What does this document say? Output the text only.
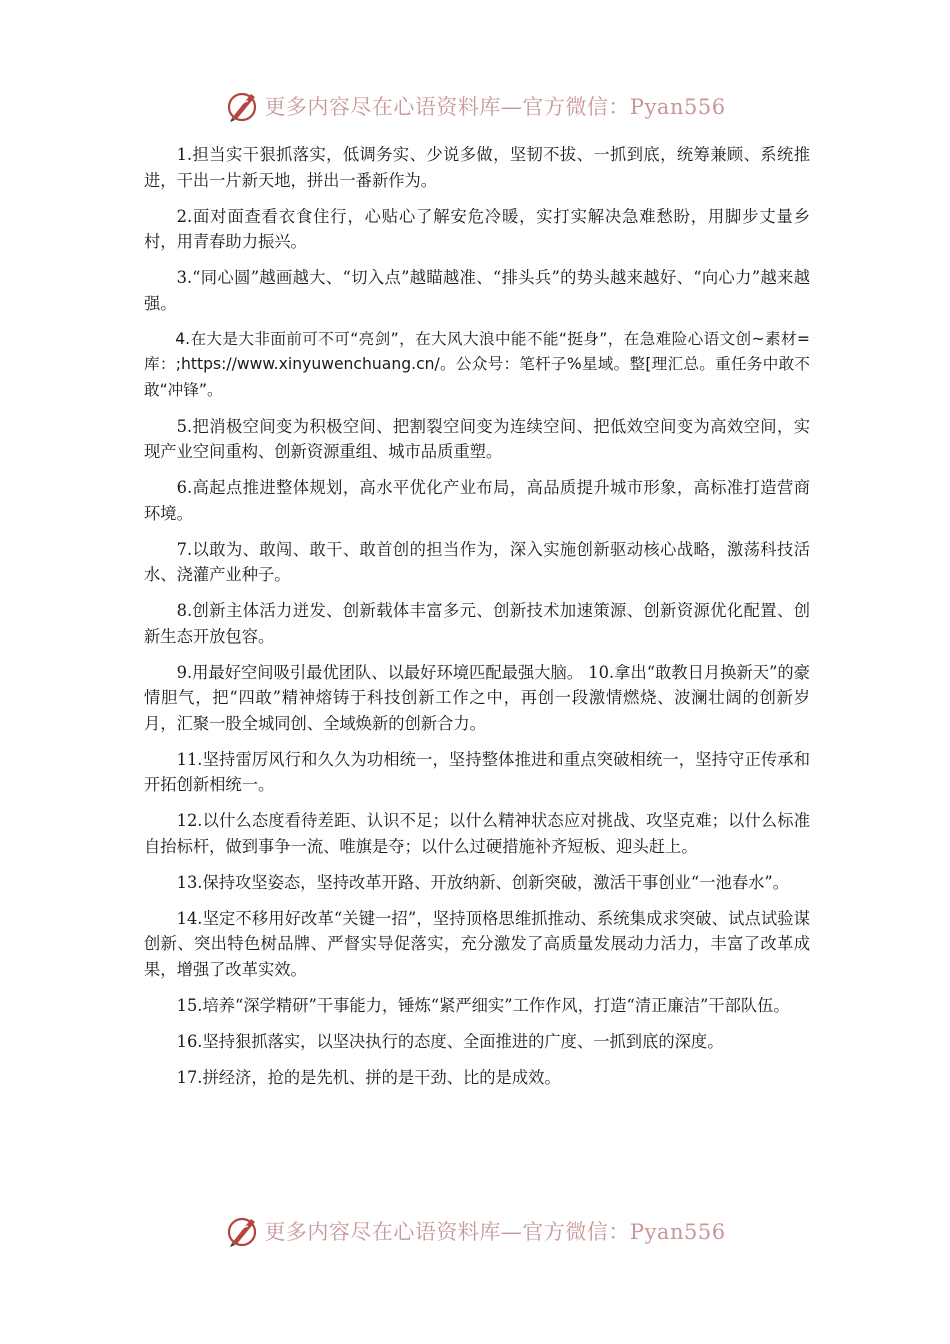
更多内容尽在心语资料库—官方微信：Pyan556

1.担当实干狠抓落实，低调务实、少说多做，坚韧不拔、一抓到底，统筹兼顾、系统推进，干出一片新天地，拼出一番新作为。

2.面对面查看衣食住行，心贴心了解安危冷暖，实打实解决急难愁盼，用脚步丈量乡村，用青春助力振兴。

3.“同心圆”越画越大、“切入点”越瞄越准、“排头兵”的势头越来越好、“向心力”越来越强。

4.在大是大非面前可不可“亮剑”，在大风大浪中能不能“挺身”，在急难险心语文创~素材=库：;https://www.xinyuwenchuang.cn/。公众号：笔杆子%星域。整[理汇总。重任务中敢不敢“冲锋”。

5.把消极空间变为积极空间、把割裂空间变为连续空间、把低效空间变为高效空间，实现产业空间重构、创新资源重组、城市品质重塑。

6.高起点推进整体规划，高水平优化产业布局，高品质提升城市形象，高标准打造营商环境。

7.以敢为、敢闯、敢干、敢首创的担当作为，深入实施创新驱动核心战略，激荡科技活水、浇灌产业种子。

8.创新主体活力迸发、创新载体丰富多元、创新技术加速策源、创新资源优化配置、创新生态开放包容。

9.用最好空间吸引最优团队、以最好环境匹配最强大脑。 10.拿出“敢教日月换新天”的豪情胆气，把“四敢”精神熔铸于科技创新工作之中，再创一段激情燃烧、波澜壮阔的创新岁月，汇聚一股全城同创、全域焕新的创新合力。

11.坚持雷厉风行和久久为功相统一，坚持整体推进和重点突破相统一，坚持守正传承和开拓创新相统一。

12.以什么态度看待差距、认识不足；以什么精神状态应对挑战、攻坚克难；以什么标准自抬标杆，做到事争一流、唯旗是夺；以什么过硬措施补齐短板、迎头赶上。

13.保持攻坚姿态，坚持改革开路、开放纳新、创新突破，激活干事创业“一池春水”。

14.坚定不移用好改革“关键一招”，坚持顶格思维抓推动、系统集成求突破、试点试验谋创新、突出特色树品牌、严督实导促落实，充分激发了高质量发展动力活力，丰富了改革成果，增强了改革实效。

15.培养“深学精研”干事能力，锤炼“紧严细实”工作作风，打造“清正廉洁”干部队伍。

16.坚持狠抓落实，以坚决执行的态度、全面推进的广度、一抓到底的深度。

17.拼经济，抢的是先机、拼的是干劲、比的是成效。

更多内容尽在心语资料库—官方微信：Pyan556
